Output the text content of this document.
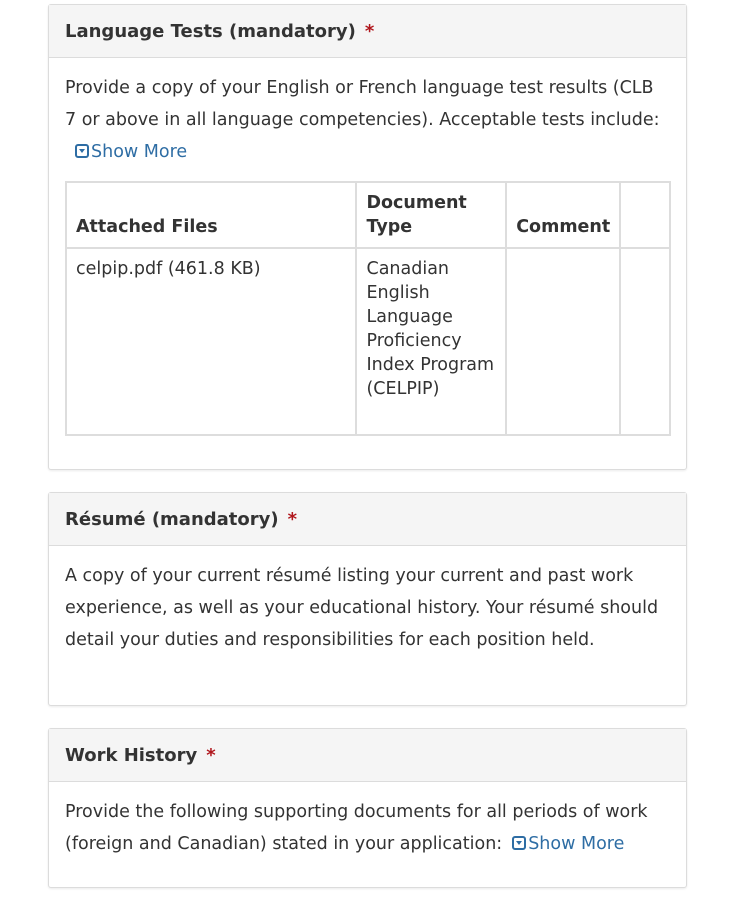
Language Tests (mandatory) *
Provide a copy of your English or French language test results (CLB 7 or above in all language competencies). Acceptable tests include:Show More
Attached Files	Document Type	Comment	
celpip.pdf (461.8 KB)	Canadian English Language Proficiency Index Program (CELPIP)		
Résumé (mandatory) *
A copy of your current résumé listing your current and past work experience, as well as your educational history. Your résumé should detail your duties and responsibilities for each position held.
Work History *
Provide the following supporting documents for all periods of work (foreign and Canadian) stated in your application: Show More
